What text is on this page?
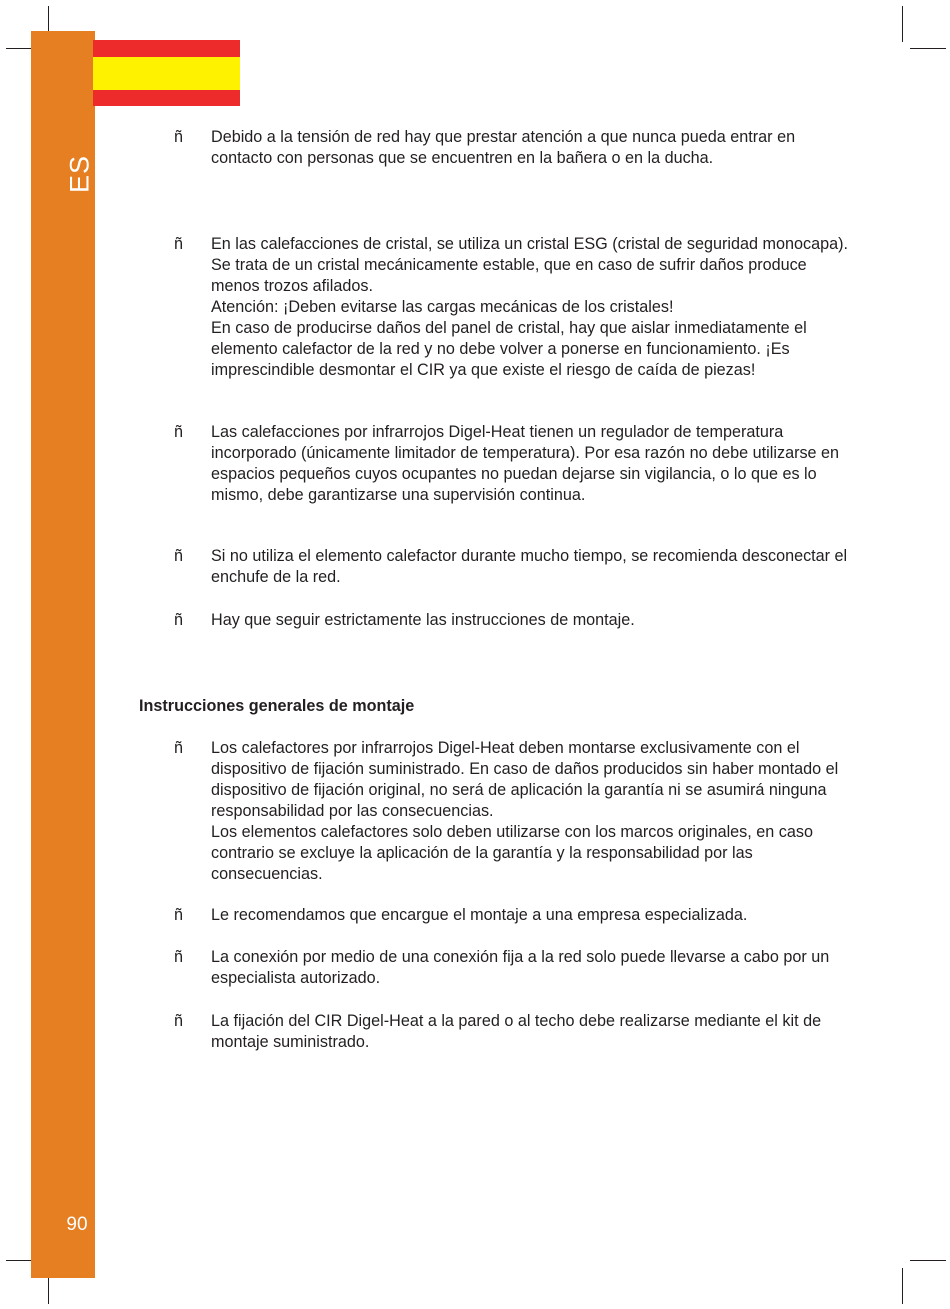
ES
90
ñ Debido a la tensión de red hay que prestar atención a que nunca pueda entrar en contacto con personas que se encuentren en la bañera o en la ducha.

ñ En las calefacciones de cristal, se utiliza un cristal ESG (cristal de seguridad monocapa). Se trata de un cristal mecánicamente estable, que en caso de sufrir daños produce menos trozos afilados.

Atención: ¡Deben evitarse las cargas mecánicas de los cristales!

En caso de producirse daños del panel de cristal, hay que aislar inmediatamente el elemento calefactor de la red y no debe volver a ponerse en funcionamiento. ¡Es imprescindible desmontar el CIR ya que existe el riesgo de caída de piezas!

ñ Las calefacciones por infrarrojos Digel-Heat tienen un regulador de temperatura incorporado (únicamente limitador de temperatura). Por esa razón no debe utilizarse en espacios pequeños cuyos ocupantes no puedan dejarse sin vigilancia, o lo que es lo mismo, debe garantizarse una supervisión continua.

ñ Si no utiliza el elemento calefactor durante mucho tiempo, se recomienda desconectar el enchufe de la red.

ñ Hay que seguir estrictamente las instrucciones de montaje.

Instrucciones generales de montaje
ñ Los calefactores por infrarrojos Digel-Heat deben montarse exclusivamente con el dispositivo de fijación suministrado. En caso de daños producidos sin haber montado el dispositivo de fijación original, no será de aplicación la garantía ni se asumirá ninguna responsabilidad por las consecuencias.

Los elementos calefactores solo deben utilizarse con los marcos originales, en caso contrario se excluye la aplicación de la garantía y la responsabilidad por las consecuencias.

ñ Le recomendamos que encargue el montaje a una empresa especializada.

ñ La conexión por medio de una conexión fija a la red solo puede llevarse a cabo por un especialista autorizado.

ñ La fijación del CIR Digel-Heat a la pared o al techo debe realizarse mediante el kit de montaje suministrado.
